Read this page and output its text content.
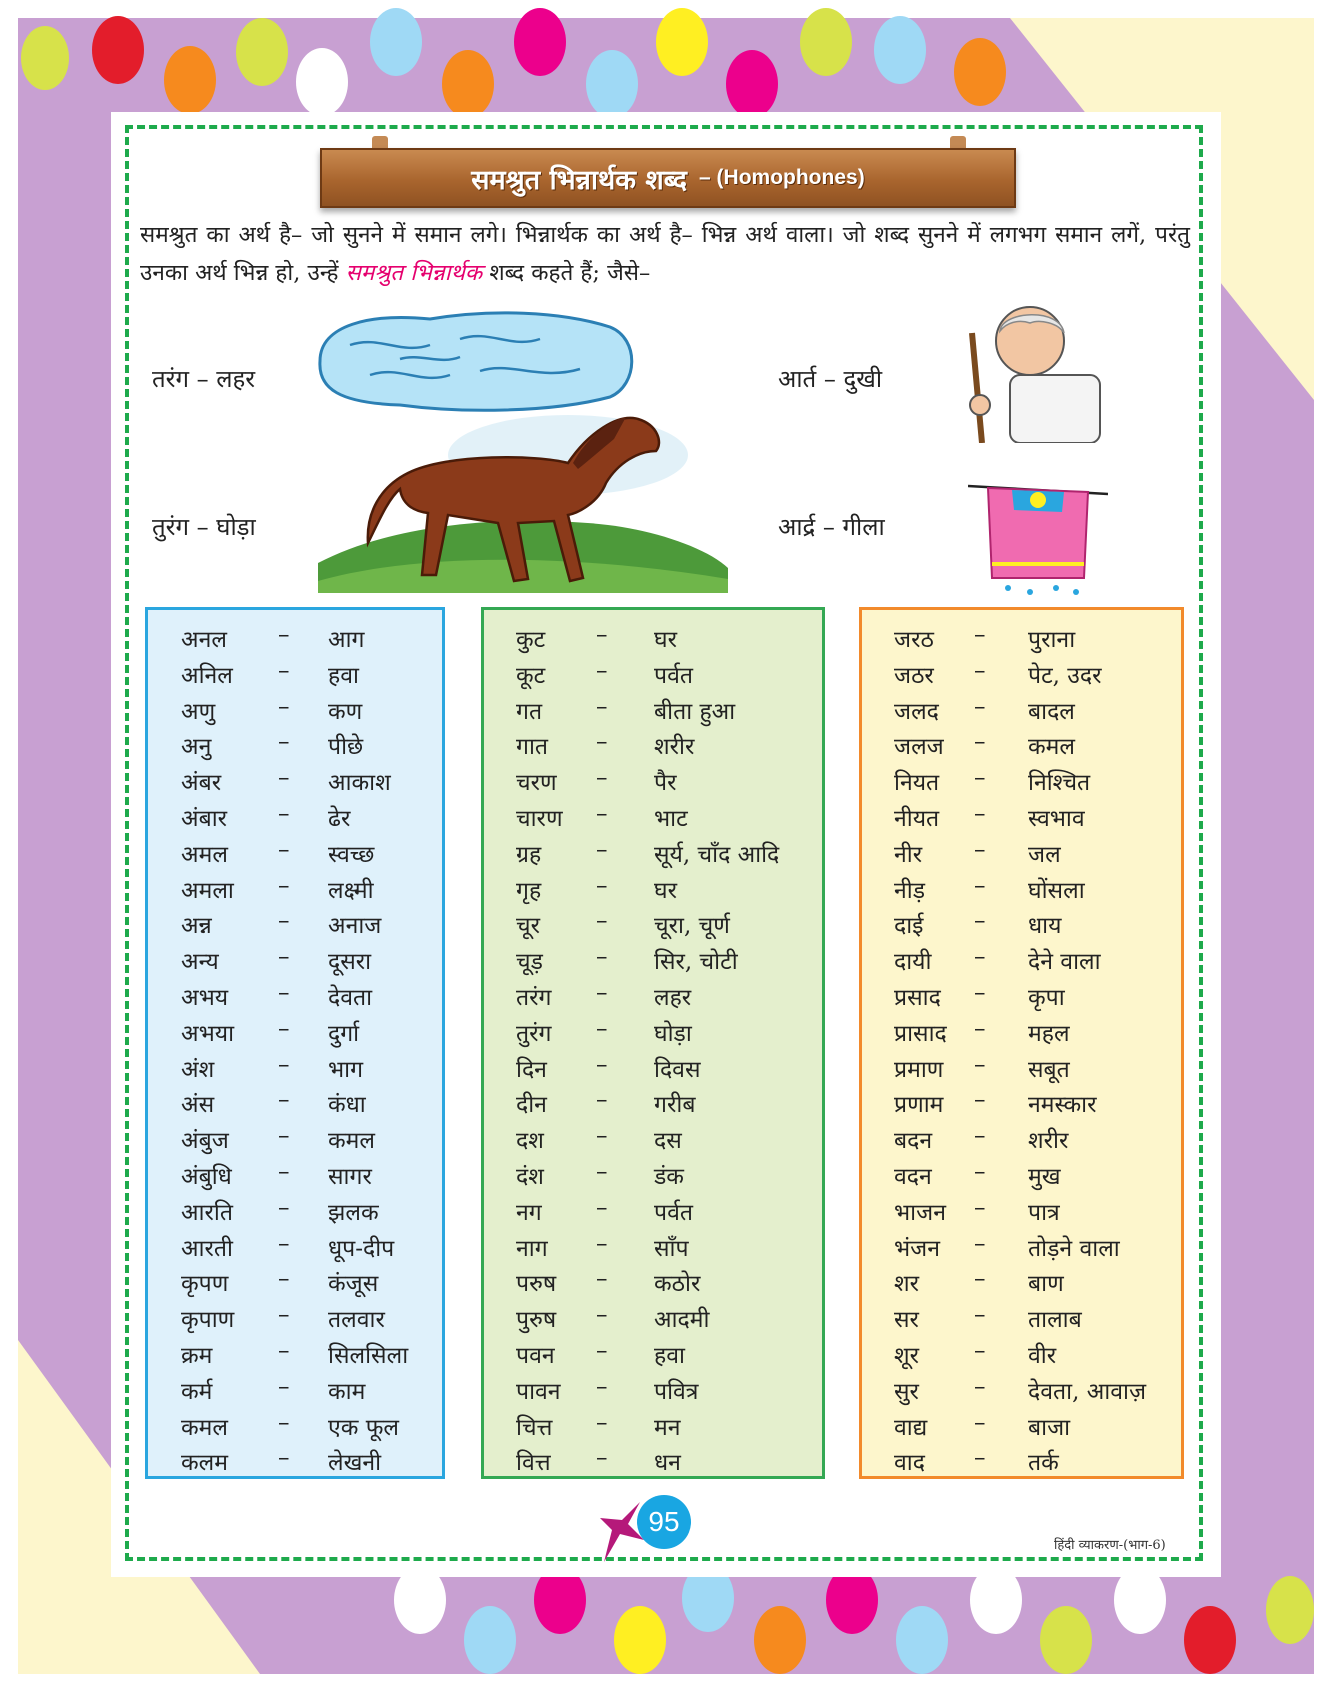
समश्रुत भिन्नार्थक शब्द – (Homophones)
समश्रुत का अर्थ है– जो सुनने में समान लगे। भिन्नार्थक का अर्थ है– भिन्न अर्थ वाला। जो शब्द सुनने में लगभग समान लगें, परंतु उनका अर्थ भिन्न हो, उन्हें समश्रुत भिन्नार्थक शब्द कहते हैं; जैसे–
तरंग – लहर	आर्त – दुखी
तुरंग – घोड़ा	आर्द्र – गीला
अनल – आग
अनिल – हवा
अणु	– कण
अनु	– पीछे
अंबर – आकाश
अंबार – ढेर
अमल – स्वच्छ
अमला – लक्ष्मी
अन्न	– अनाज
अन्य	– दूसरा
अभय – देवता
अभया – दुर्गा
अंश	– भाग
अंस	– कंधा
अंबुज – कमल
अंबुधि – सागर
आरति – झलक
आरती – धूप-दीप
कृपण – कंजूस
कृपाण – तलवार
क्रम	– सिलसिला
कर्म	– काम
कमल – एक फूल
कलम – लेखनी
कुट – घर
कूट – पर्वत
गत – बीता हुआ
गात – शरीर
चरण – पैर
चारण – भाट
ग्रह – सूर्य, चाँद आदि
गृह – घर
चूर – चूरा, चूर्ण
चूड़ – सिर, चोटी
तरंग – लहर
तुरंग – घोड़ा
दिन – दिवस
दीन – गरीब
दश – दस
दंश – डंक
नग – पर्वत
नाग – साँप
परुष – कठोर
पुरुष – आदमी
पवन – हवा
पावन – पवित्र
चित्त – मन
वित्त – धन
जरठ – पुराना
जठर – पेट, उदर
जलद – बादल
जलज – कमल
नियत – निश्चित
नीयत – स्वभाव
नीर – जल
नीड़ – घोंसला
दाई – धाय
दायी – देने वाला
प्रसाद – कृपा
प्रासाद – महल
प्रमाण – सबूत
प्रणाम – नमस्कार
बदन – शरीर
वदन – मुख
भाजन – पात्र
भंजन – तोड़ने वाला
शर – बाण
सर – तालाब
शूर – वीर
सुर – देवता, आवाज़
वाद्य – बाजा
वाद – तर्क
95
हिंदी व्याकरण-(भाग-6)
